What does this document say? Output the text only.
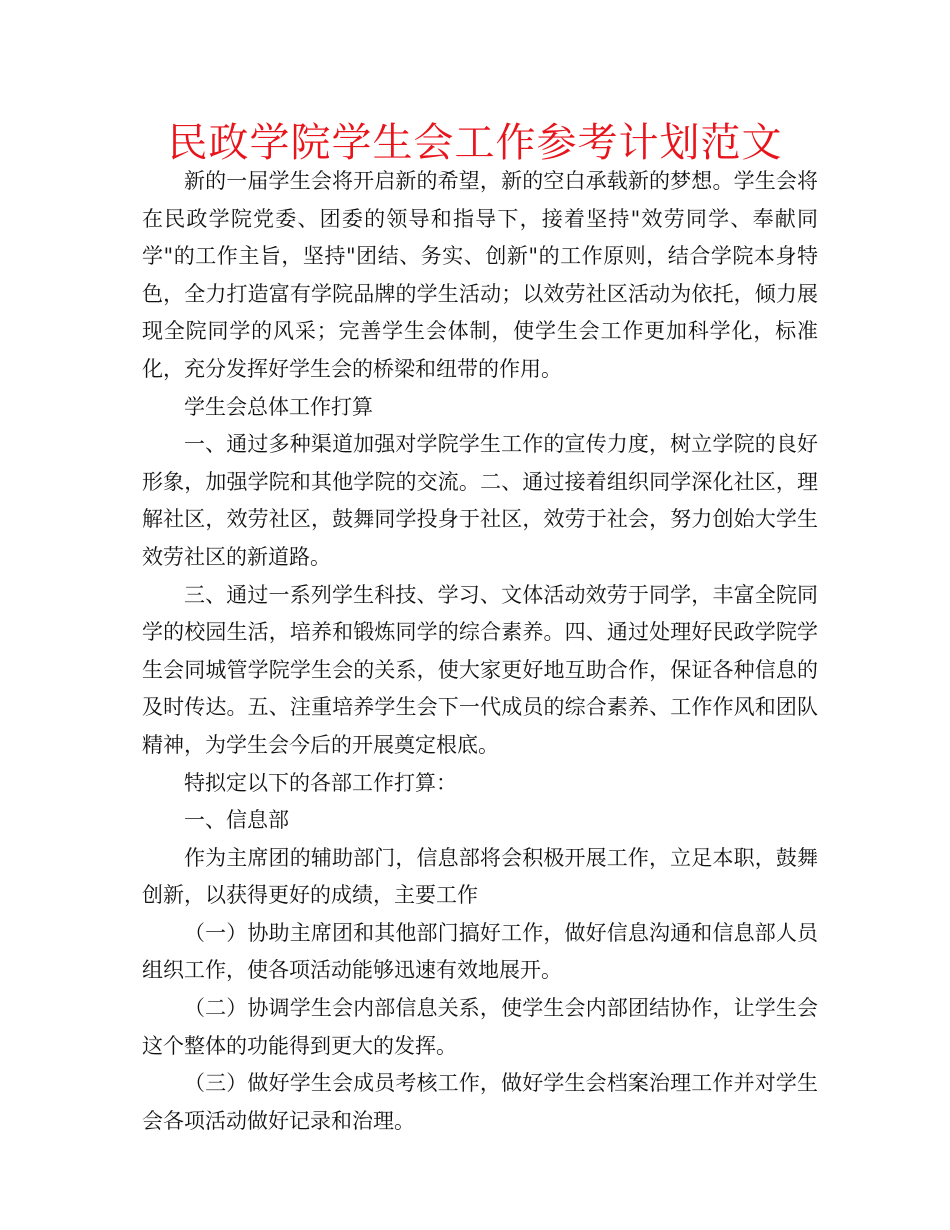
民政学院学生会工作参考计划范文

新的一届学生会将开启新的希望，新的空白承载新的梦想。学生会将在民政学院党委、团委的领导和指导下，接着坚持"效劳同学、奉献同学"的工作主旨，坚持"团结、务实、创新"的工作原则，结合学院本身特色，全力打造富有学院品牌的学生活动；以效劳社区活动为依托，倾力展现全院同学的风采；完善学生会体制，使学生会工作更加科学化，标准化，充分发挥好学生会的桥梁和纽带的作用。

学生会总体工作打算

一、通过多种渠道加强对学院学生工作的宣传力度，树立学院的良好形象，加强学院和其他学院的交流。二、通过接着组织同学深化社区，理解社区，效劳社区，鼓舞同学投身于社区，效劳于社会，努力创始大学生效劳社区的新道路。

三、通过一系列学生科技、学习、文体活动效劳于同学，丰富全院同学的校园生活，培养和锻炼同学的综合素养。四、通过处理好民政学院学生会同城管学院学生会的关系，使大家更好地互助合作，保证各种信息的及时传达。五、注重培养学生会下一代成员的综合素养、工作作风和团队精神，为学生会今后的开展奠定根底。

特拟定以下的各部工作打算：

一、信息部

作为主席团的辅助部门，信息部将会积极开展工作，立足本职，鼓舞创新，以获得更好的成绩，主要工作

（一）协助主席团和其他部门搞好工作，做好信息沟通和信息部人员组织工作，使各项活动能够迅速有效地展开。

（二）协调学生会内部信息关系，使学生会内部团结协作，让学生会这个整体的功能得到更大的发挥。

（三）做好学生会成员考核工作，做好学生会档案治理工作并对学生会各项活动做好记录和治理。
